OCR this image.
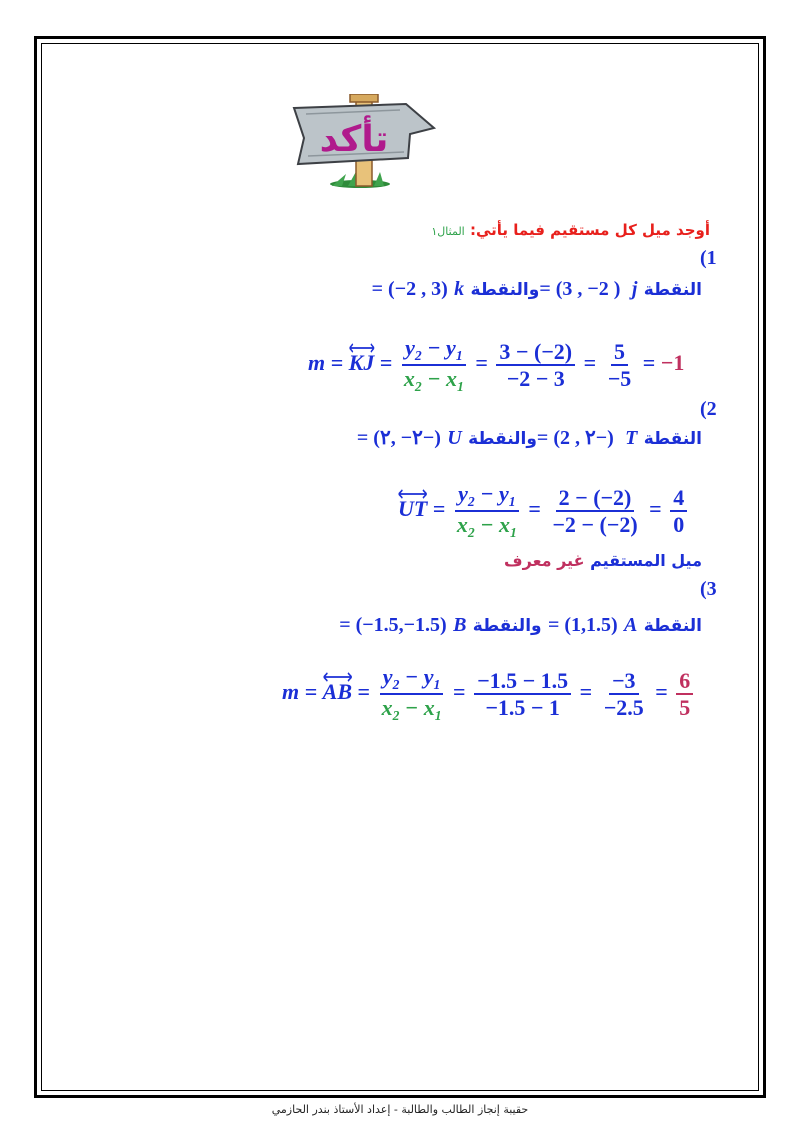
تأكد
أوجد ميل كل مستقيم فيما يأتي: المثال١
(1
النقطة j = (3 , −2 ) والنقطة k = (−2 , 3)
m = KJ = $\frac{y_2 - y_1}{x_2 - x_1} = \frac{3 - (-2)}{-2 - 3} = \frac{5}{-5} = -1$
(2
النقطة T = (2 , ٢−) والنقطة U = (٢− ,٢−)
UT = $\frac{y_2 - y_1}{x_2 - x_1} = \frac{2 - (-2)}{-2 - (-2)} = \frac{4}{0}$
ميل المستقيم غير معرف
(3
النقطة A = (1,1.5) والنقطة B = (−1.5,−1.5)
m = AB = $\frac{y_2 - y_1}{x_2 - x_1} = \frac{-1.5 - 1.5}{-1.5 - 1} = \frac{-3}{-2.5} = \frac{6}{5}$
حقيبة إنجاز الطالب والطالبة - إعداد الأستاذ بندر الحازمي
